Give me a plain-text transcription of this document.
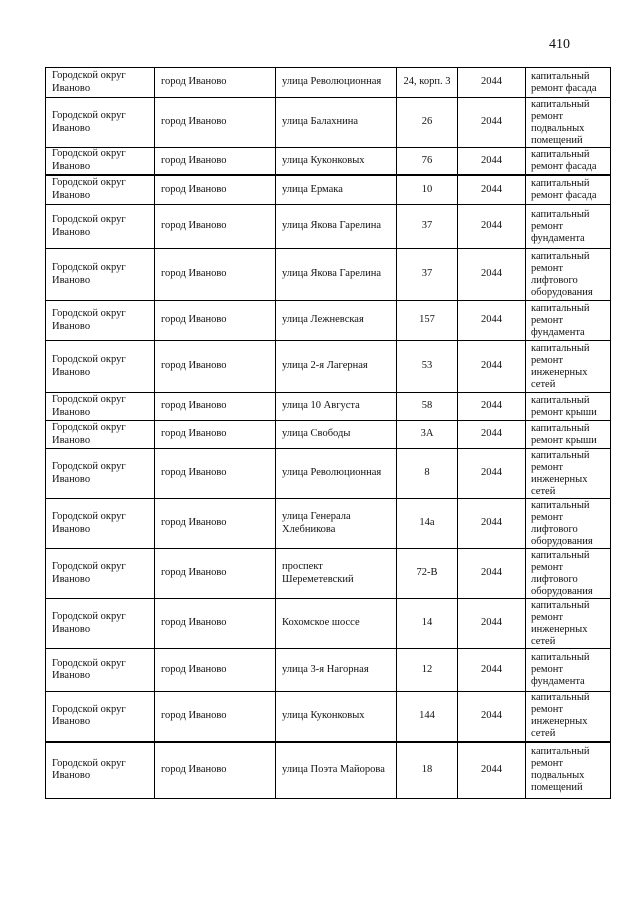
410
Городской округ Иваново	город Иваново	улица Революционная	24, корп. 3	2044	капитальный ремонт фасада
Городской округ Иваново	город Иваново	улица Балахнина	26	2044	капитальный ремонт подвальных помещений
Городской округ Иваново	город Иваново	улица Куконковых	76	2044	капитальный ремонт фасада
Городской округ Иваново	город Иваново	улица Ермака	10	2044	капитальный ремонт фасада
Городской округ Иваново	город Иваново	улица Якова Гарелина	37	2044	капитальный ремонт фундамента
Городской округ Иваново	город Иваново	улица Якова Гарелина	37	2044	капитальный ремонт лифтового оборудования
Городской округ Иваново	город Иваново	улица Лежневская	157	2044	капитальный ремонт фундамента
Городской округ Иваново	город Иваново	улица 2-я Лагерная	53	2044	капитальный ремонт инженерных сетей
Городской округ Иваново	город Иваново	улица 10 Августа	58	2044	капитальный ремонт крыши
Городской округ Иваново	город Иваново	улица Свободы	3А	2044	капитальный ремонт крыши
Городской округ Иваново	город Иваново	улица Революционная	8	2044	капитальный ремонт инженерных сетей
Городской округ Иваново	город Иваново	улица Генерала Хлебникова	14а	2044	капитальный ремонт лифтового оборудования
Городской округ Иваново	город Иваново	проспект Шереметевский	72-В	2044	капитальный ремонт лифтового оборудования
Городской округ Иваново	город Иваново	Кохомское шоссе	14	2044	капитальный ремонт инженерных сетей
Городской округ Иваново	город Иваново	улица 3-я Нагорная	12	2044	капитальный ремонт фундамента
Городской округ Иваново	город Иваново	улица Куконковых	144	2044	капитальный ремонт инженерных сетей
Городской округ Иваново	город Иваново	улица Поэта Майорова	18	2044	капитальный ремонт подвальных помещений
